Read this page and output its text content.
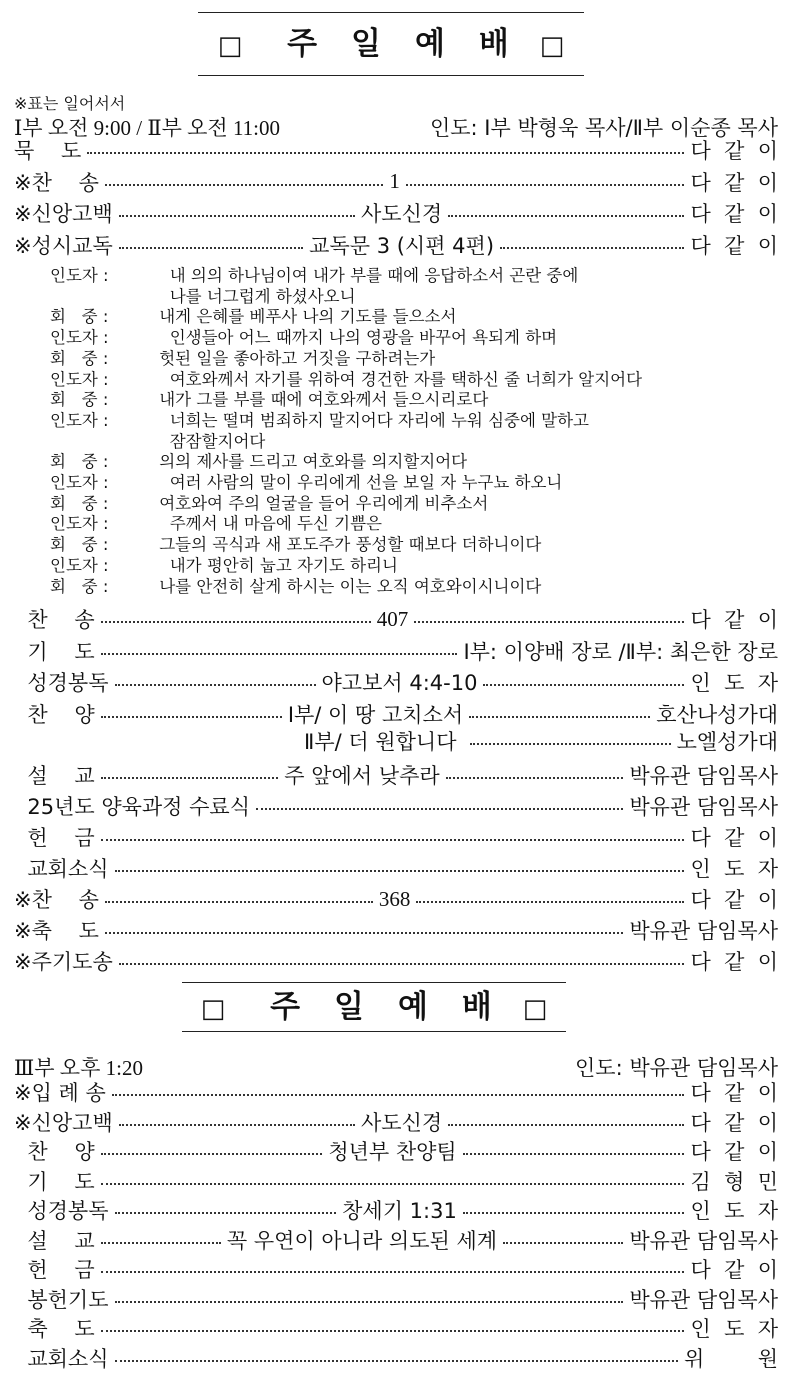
□ 주일예배 □
※표는 일어서서
Ⅰ부 오전 9:00 / Ⅱ부 오전 11:00	인도: Ⅰ부 박형욱 목사/Ⅱ부 이순종 목사
묵    도	다  같  이
※찬    송	1	다  같  이
※신앙고백	사도신경	다  같  이
※성시교독	교독문 3 (시편 4편)	다  같  이
인도자 :	내 의의 하나님이여 내가 부를 때에 응답하소서 곤란 중에
나를 너그럽게 하셨사오니
회   중 :	내게 은혜를 베푸사 나의 기도를 들으소서
인도자 :	인생들아 어느 때까지 나의 영광을 바꾸어 욕되게 하며
회   중 :	헛된 일을 좋아하고 거짓을 구하려는가
인도자 :	여호와께서 자기를 위하여 경건한 자를 택하신 줄 너희가 알지어다
회   중 :	내가 그를 부를 때에 여호와께서 들으시리로다
인도자 :	너희는 떨며 범죄하지 말지어다 자리에 누워 심중에 말하고
잠잠할지어다
회   중 :	의의 제사를 드리고 여호와를 의지할지어다
인도자 :	여러 사람의 말이 우리에게 선을 보일 자 누구뇨 하오니
회   중 :	여호와여 주의 얼굴을 들어 우리에게 비추소서
인도자 :	주께서 내 마음에 두신 기쁨은
회   중 :	그들의 곡식과 새 포도주가 풍성할 때보다 더하니이다
인도자 :	내가 평안히 눕고 자기도 하리니
회   중 :	나를 안전히 살게 하시는 이는 오직 여호와이시니이다
찬    송	407	다  같  이
기    도	Ⅰ부: 이양배 장로 /Ⅱ부: 최은한 장로
성경봉독	야고보서 4:4-10	인  도  자
찬    양	Ⅰ부/ 이 땅 고치소서	호산나성가대
Ⅱ부/ 더 원합니다	노엘성가대
설    교	주 앞에서 낮추라	박유관 담임목사
25년도 양육과정 수료식	박유관 담임목사
헌    금	다  같  이
교회소식	인  도  자
※찬    송	368	다  같  이
※축    도	박유관 담임목사
※주기도송	다  같  이
□ 주일예배 □
Ⅲ부 오후 1:20	인도: 박유관 담임목사
※입 례 송	다  같  이
※신앙고백	사도신경	다  같  이
찬    양	청년부 찬양팀	다  같  이
기    도	김  형  민
성경봉독	창세기 1:31	인  도  자
설    교	꼭 우연이 아니라 의도된 세계	박유관 담임목사
헌    금	다  같  이
봉헌기도	박유관 담임목사
축    도	인  도  자
교회소식	위        원
